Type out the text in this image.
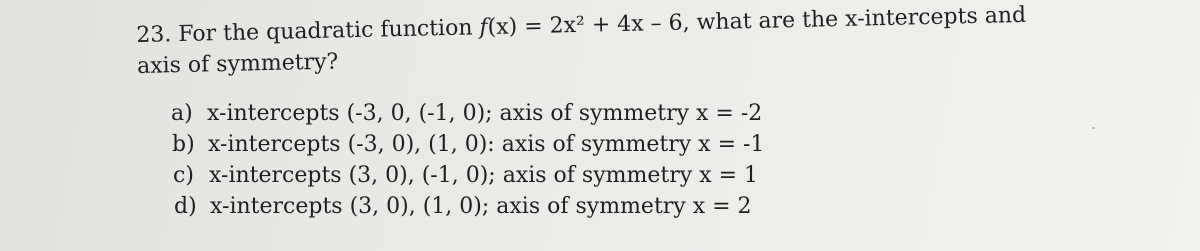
23. For the quadratic function f(x) = 2x² + 4x – 6, what are the x-intercepts and
axis of symmetry?
a) x-intercepts (-3, 0, (-1, 0); axis of symmetry x = -2
b) x-intercepts (-3, 0), (1, 0): axis of symmetry x = -1
c) x-intercepts (3, 0), (-1, 0); axis of symmetry x = 1
d) x-intercepts (3, 0), (1, 0); axis of symmetry x = 2
